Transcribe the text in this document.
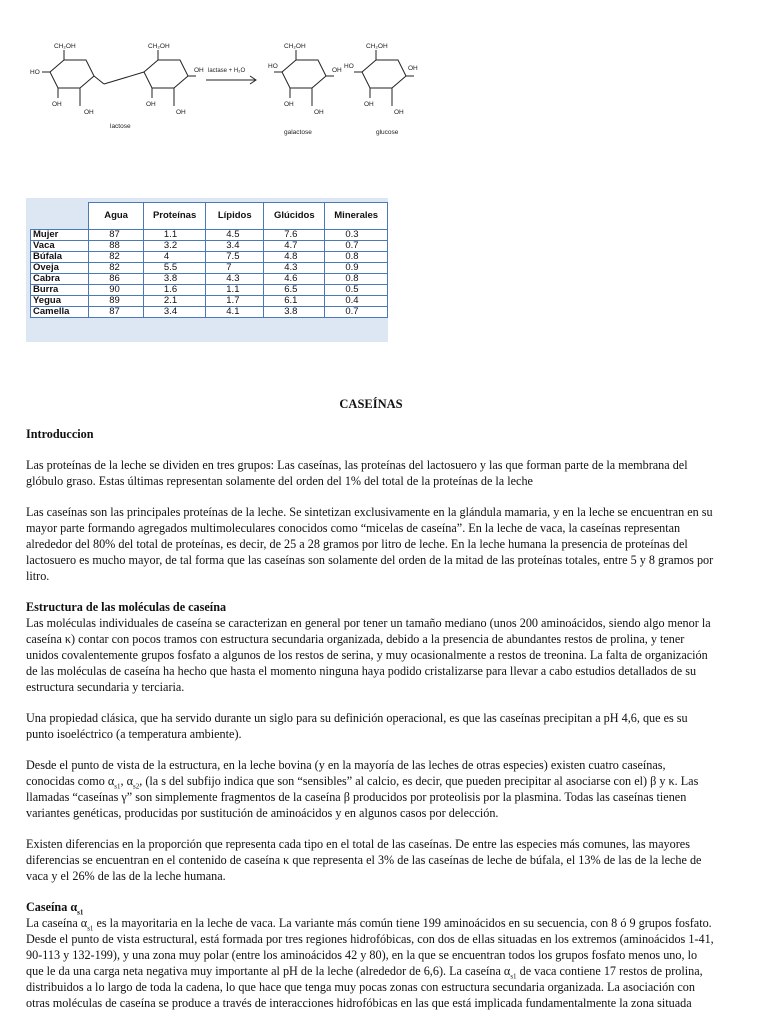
CH₂OH
HO
OH
OH
CH₂OH
OH
OH
OH lactase + H₂O
lactose
CH₂OH
HO
OH
OH
OH
galactose
CH₂OH
HO
OH
OH
OH
glucose
	Agua	Proteínas	Lípidos	Glúcidos	Minerales
Mujer	87	1.1	4.5	7.6	0.3
Vaca	88	3.2	3.4	4.7	0.7
Búfala	82	4	7.5	4.8	0.8
Oveja	82	5.5	7	4.3	0.9
Cabra	86	3.8	4.3	4.6	0.8
Burra	90	1.6	1.1	6.5	0.5
Yegua	89	2.1	1.7	6.1	0.4
Camella	87	3.4	4.1	3.8	0.7
CASEÍNAS

Introduccion

Las proteínas de la leche se dividen en tres grupos: Las caseínas, las proteínas del lactosuero y las que forman parte de la membrana del glóbulo graso. Estas últimas representan solamente del orden del 1% del total de la proteínas de la leche

Las caseínas son las principales proteínas de la leche. Se sintetizan exclusivamente en la glándula mamaria, y en la leche se encuentran en su mayor parte formando agregados multimoleculares conocidos como “micelas de caseína”. En la leche de vaca, la caseínas representan alrededor del 80% del total de proteínas, es decir, de 25 a 28 gramos por litro de leche. En la leche humana la presencia de proteínas del lactosuero es mucho mayor, de tal forma que las caseínas son solamente del orden de la mitad de las proteínas totales, entre 5 y 8 gramos por litro.

Estructura de las moléculas de caseína

Las moléculas individuales de caseína se caracterizan en general por tener un tamaño mediano (unos 200 aminoácidos, siendo algo menor la caseína κ) contar con pocos tramos con estructura secundaria organizada, debido a la presencia de abundantes restos de prolina, y tener unidos covalentemente grupos fosfato a algunos de los restos de serina, y muy ocasionalmente a restos de treonina. La falta de organización de las moléculas de caseína ha hecho que hasta el momento ninguna haya podido cristalizarse para llevar a cabo estudios detallados de su estructura secundaria y terciaria.

Una propiedad clásica, que ha servido durante un siglo para su definición operacional, es que las caseínas precipitan a pH 4,6, que es su punto isoeléctrico (a temperatura ambiente).

Desde el punto de vista de la estructura, en la leche bovina (y en la mayoría de las leches de otras especies) existen cuatro caseínas, conocidas como $\alpha_{s1}$, $\alpha_{s2}$, (la s del subfijo indica que son “sensibles” al calcio, es decir, que pueden precipitar al asociarse con el) β y κ. Las llamadas “caseínas γ” son simplemente fragmentos de la caseína β producidos por proteolisis por la plasmina. Todas las caseínas tienen variantes genéticas, producidas por sustitución de aminoácidos y en algunos casos por delección.

Existen diferencias en la proporción que representa cada tipo en el total de las caseínas. De entre las especies más comunes, las mayores diferencias se encuentran en el contenido de caseína κ que representa el 3% de las caseínas de leche de búfala, el 13% de las de la leche de vaca y el 26% de las de la leche humana.

Caseína $\alpha_{s1}$

La caseína $\alpha_{s1}$ es la mayoritaria en la leche de vaca. La variante más común tiene 199 aminoácidos en su secuencia, con 8 ó 9 grupos fosfato. Desde el punto de vista estructural, está formada por tres regiones hidrofóbicas, con dos de ellas situadas en los extremos (aminoácidos 1-41, 90-113 y 132-199), y una zona muy polar (entre los aminoácidos 42 y 80), en la que se encuentran todos los grupos fosfato menos uno, lo que le da una carga neta negativa muy importante al pH de la leche (alrededor de 6,6). La caseína $\alpha_{s1}$ de vaca contiene 17 restos de prolina, distribuidos a lo largo de toda la cadena, lo que hace que tenga muy pocas zonas con estructura secundaria organizada. La asociación con otras moléculas de caseína se produce a través de interacciones hidrofóbicas en las que está implicada fundamentalmente la zona situada
